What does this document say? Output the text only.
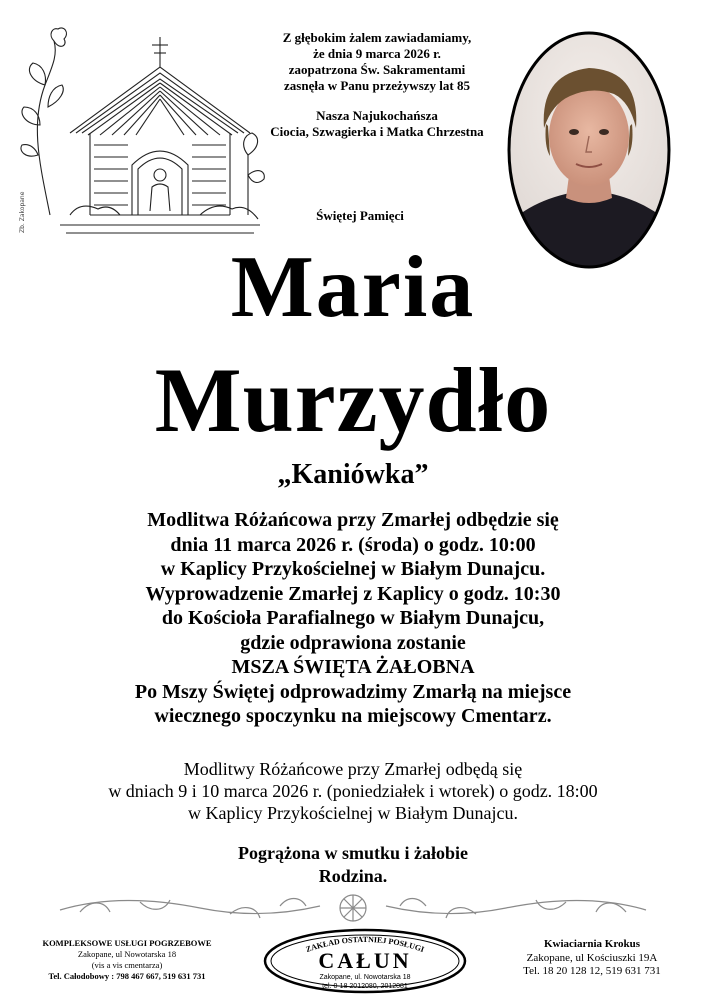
Zb. Zakopane

Z głębokim żalem zawiadamiamy,

że dnia 9 marca 2026 r.

zaopatrzona Św. Sakramentami

zasnęła w Panu przeżywszy lat 85

Nasza Najukochańsza

Ciocia, Szwagierka i Matka Chrzestna

Świętej Pamięci
Maria
Murzydło
„Kaniówka”

Modlitwa Różańcowa przy Zmarłej odbędzie się

dnia 11 marca 2026 r. (środa) o godz. 10:00

w Kaplicy Przykościelnej w Białym Dunajcu.

Wyprowadzenie Zmarłej z Kaplicy o godz. 10:30

do Kościoła Parafialnego w Białym Dunajcu,

gdzie odprawiona zostanie

MSZA ŚWIĘTA ŻAŁOBNA

Po Mszy Świętej odprowadzimy Zmarłą na miejsce

wiecznego spoczynku na miejscowy Cmentarz.

Modlitwy Różańcowe przy Zmarłej odbędą się

w dniach 9 i 10 marca 2026 r. (poniedziałek i wtorek) o godz. 18:00

w Kaplicy Przykościelnej w Białym Dunajcu.

Pogrążona w smutku i żałobie

Rodzina.

KOMPLEKSOWE USŁUGI POGRZEBOWE

Zakopane, ul Nowotarska 18

(vis a vis cmentarza)

Tel. Całodobowy : 798 467 667, 519 631 731

ZAKŁAD OSTATNIEJ POSŁUGI
CAŁUN
Zakopane, ul. Nowotarska 18
tel. 0-18 2012080, 2012081

Kwiaciarnia Krokus

Zakopane, ul Kościuszki 19A

Tel. 18 20 128 12, 519 631 731
